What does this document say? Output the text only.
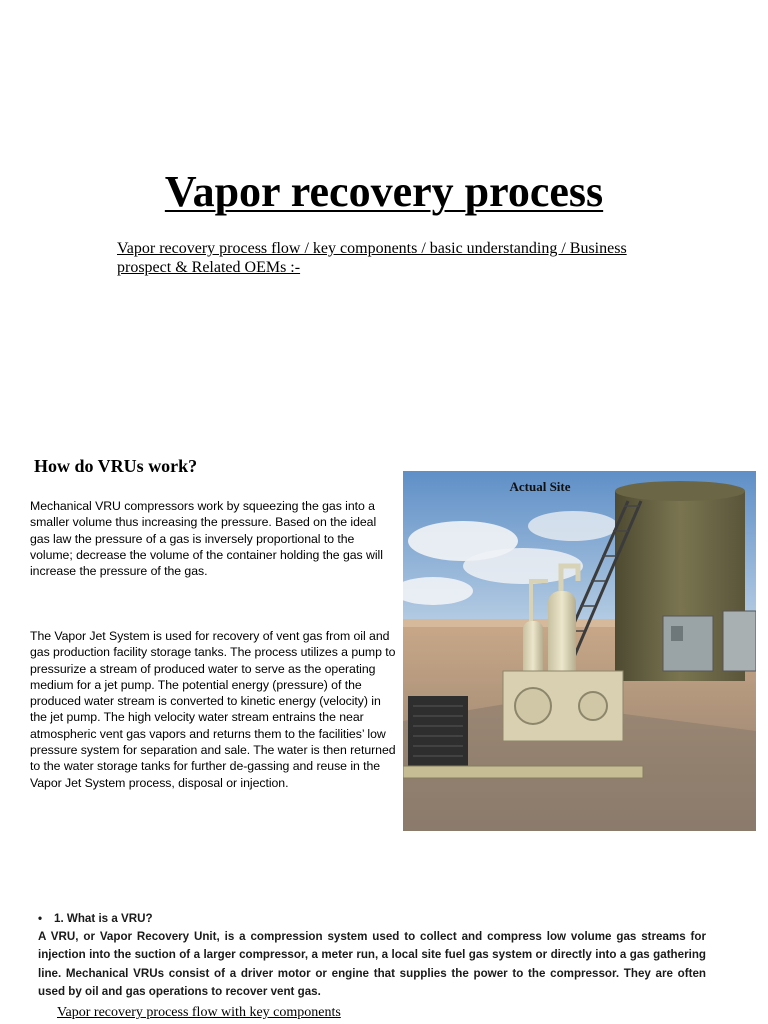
Vapor recovery process
Vapor recovery process flow / key components / basic understanding / Business prospect & Related OEMs :-
How do VRUs work?
Mechanical VRU compressors work by squeezing the gas into a smaller volume thus increasing the pressure. Based on the ideal gas law the pressure of a gas is inversely proportional to the volume; decrease the volume of the container holding the gas will increase the pressure of the gas.
The Vapor Jet System is used for recovery of vent gas from oil and gas production facility storage tanks. The process utilizes a pump to pressurize a stream of produced water to serve as the operating medium for a jet pump. The potential energy (pressure) of the produced water stream is converted to kinetic energy (velocity) in the jet pump. The high velocity water stream entrains the near atmospheric vent gas vapors and returns them to the facilities’ low pressure system for separation and sale. The water is then returned to the water storage tanks for further de-gassing and reuse in the Vapor Jet System process, disposal or injection.
Actual Site
• 1. What is a VRU?
A VRU, or Vapor Recovery Unit, is a compression system used to collect and compress low volume gas streams for injection into the suction of a larger compressor, a meter run, a local site fuel gas system or directly into a gas gathering line. Mechanical VRUs consist of a driver motor or engine that supplies the power to the compressor. They are often used by oil and gas operations to recover vent gas.
Vapor recovery process flow with key components
